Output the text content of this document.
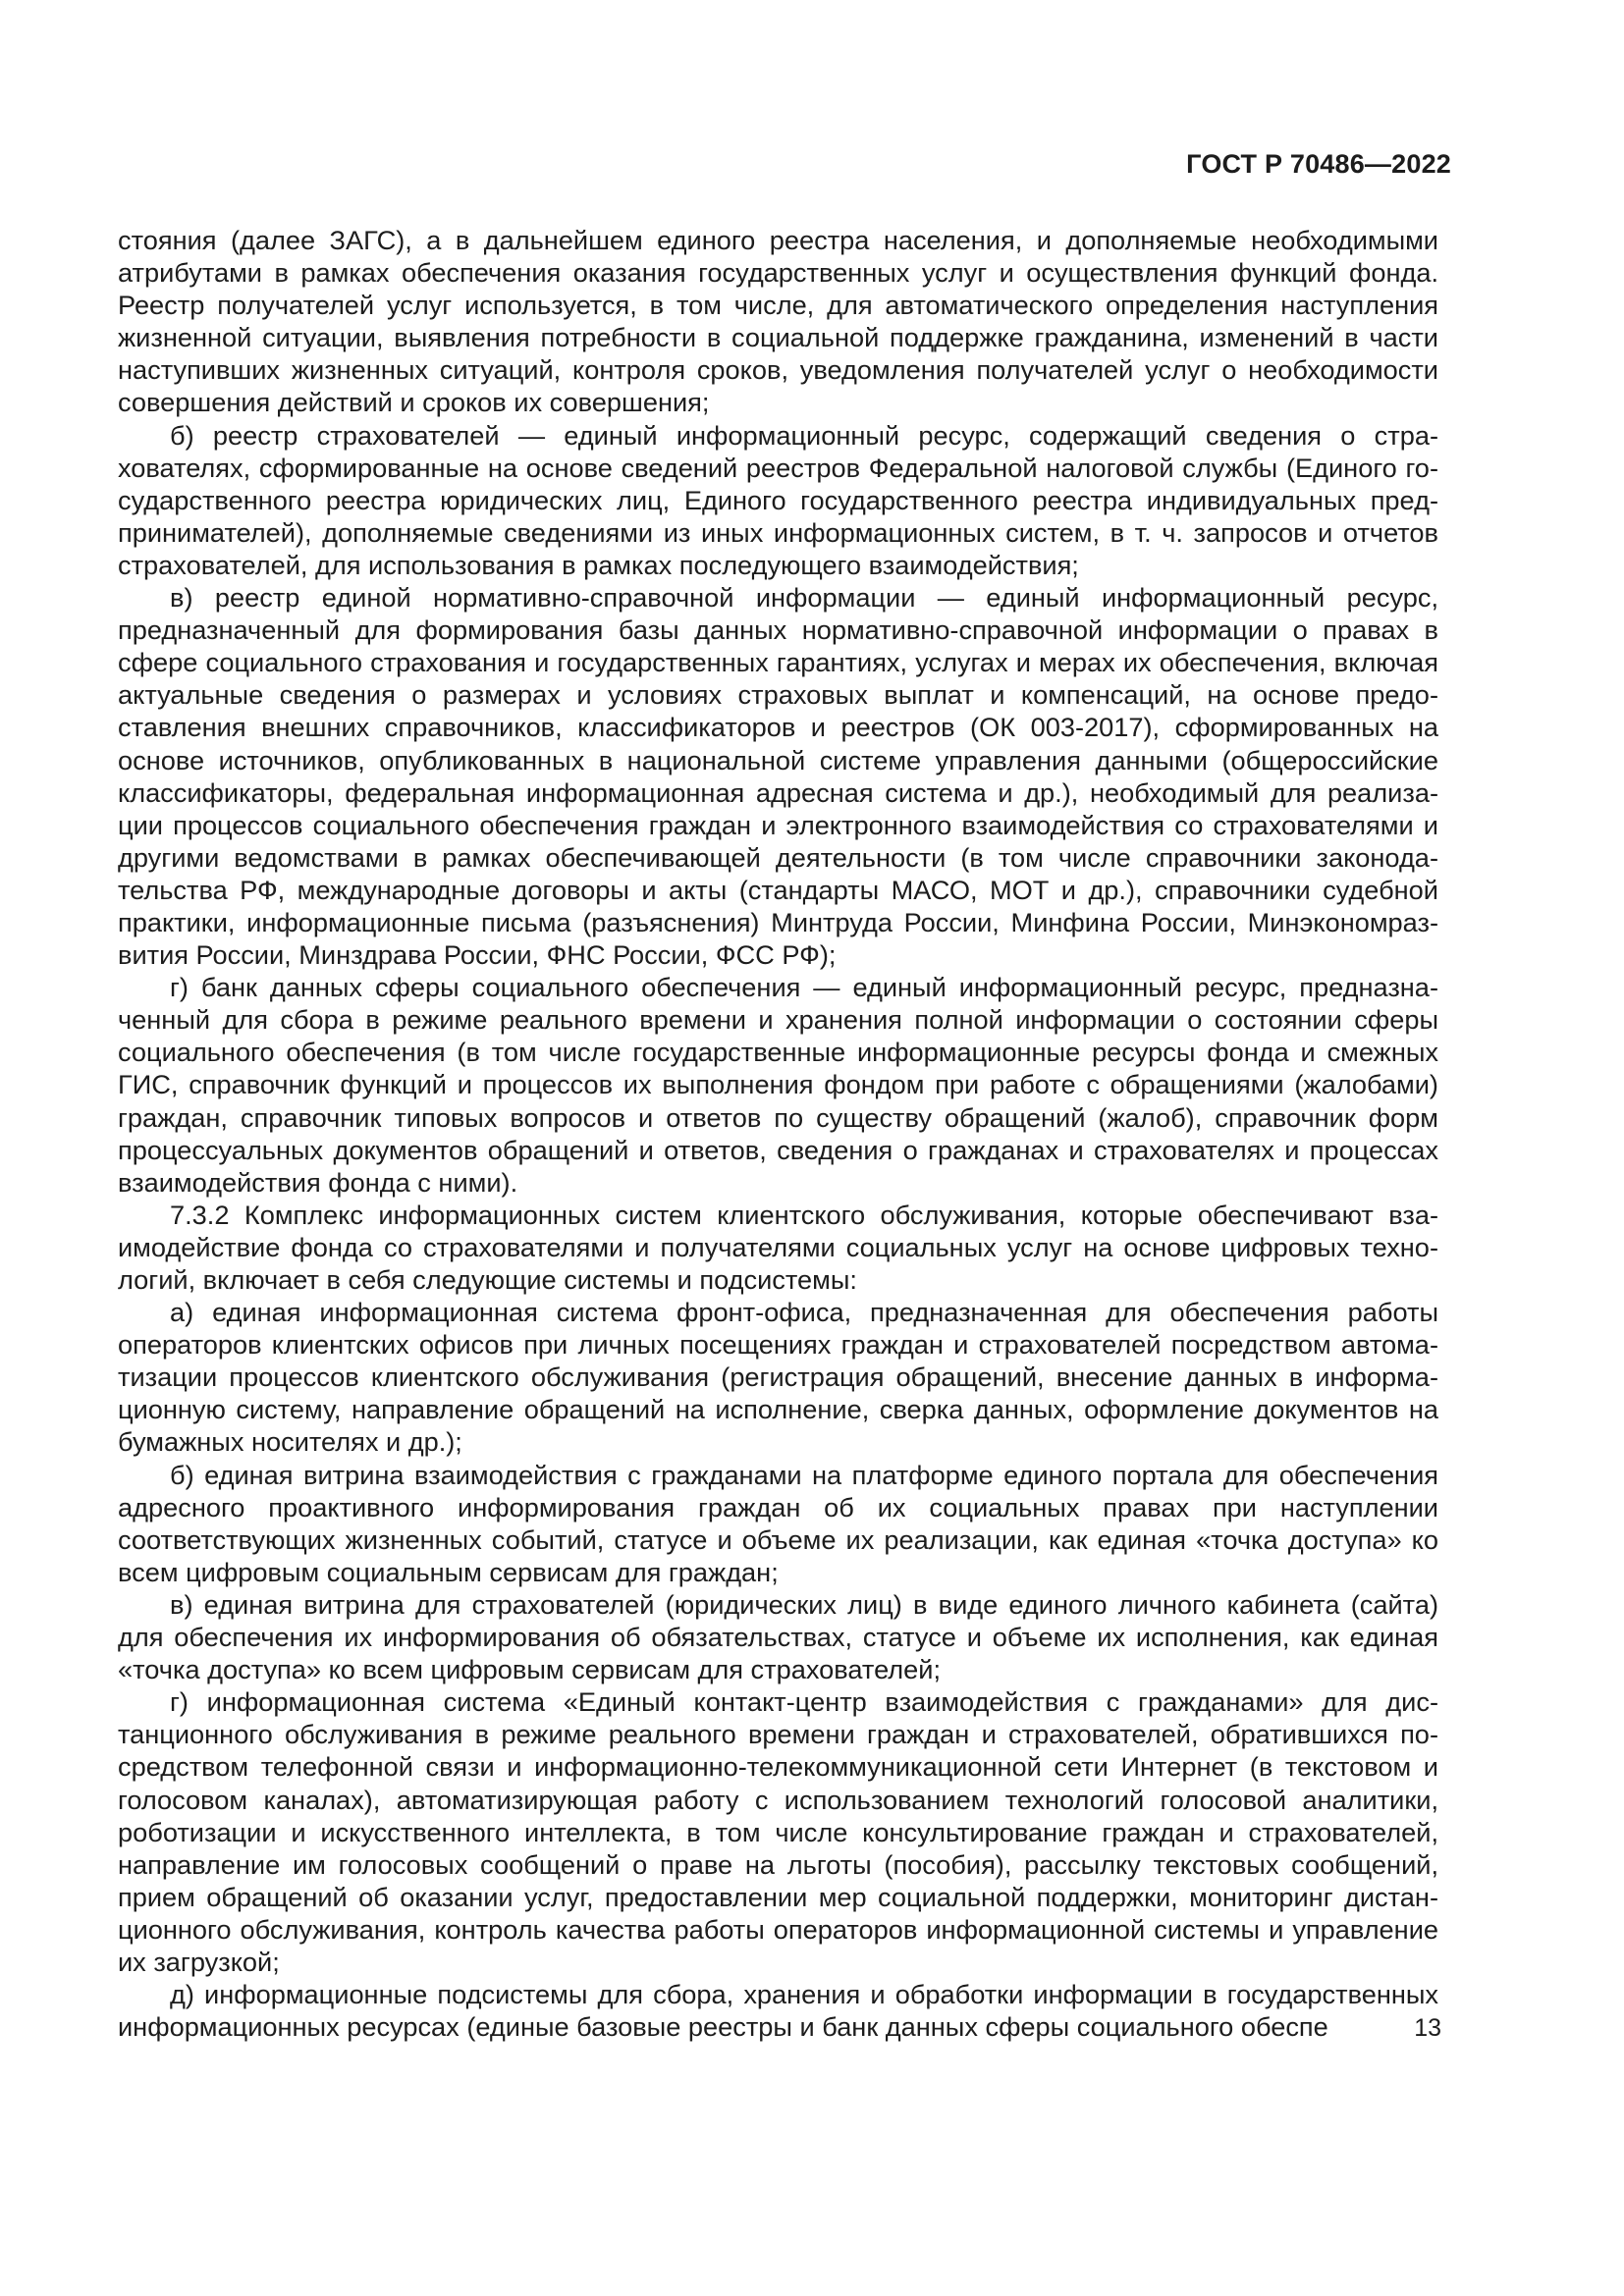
ГОСТ Р 70486—2022

стояния (далее ЗАГС), а в дальнейшем единого реестра населения, и дополняемые необходимыми атрибутами в рамках обеспечения оказания государственных услуг и осуществления функций фонда. Реестр получателей услуг используется, в том числе, для автоматического определения наступления жизненной ситуации, выявления потребности в социальной поддержке гражданина, изменений в части наступивших жизненных ситуаций, контроля сроков, уведомления получателей услуг о необходимости совершения действий и сроков их совершения;

б) реестр страхователей — единый информационный ресурс, содержащий сведения о страхователях, сформированные на основе сведений реестров Федеральной налоговой службы (Единого государственного реестра юридических лиц, Единого государственного реестра индивидуальных предпринимателей), дополняемые сведениями из иных информационных систем, в т. ч. запросов и отчетов страхователей, для использования в рамках последующего взаимодействия;

в) реестр единой нормативно-справочной информации — единый информационный ресурс, предназначенный для формирования базы данных нормативно-справочной информации о правах в сфере социального страхования и государственных гарантиях, услугах и мерах их обеспечения, включая актуальные сведения о размерах и условиях страховых выплат и компенсаций, на основе предоставления внешних справочников, классификаторов и реестров (ОК 003-2017), сформированных на основе источников, опубликованных в национальной системе управления данными (общероссийские классификаторы, федеральная информационная адресная система и др.), необходимый для реализации процессов социального обеспечения граждан и электронного взаимодействия со страхователями и другими ведомствами в рамках обеспечивающей деятельности (в том числе справочники законодательства РФ, международные договоры и акты (стандарты МАСО, МОТ и др.), справочники судебной практики, информационные письма (разъяснения) Минтруда России, Минфина России, Минэкономразвития России, Минздрава России, ФНС России, ФСС РФ);

г) банк данных сферы социального обеспечения — единый информационный ресурс, предназначенный для сбора в режиме реального времени и хранения полной информации о состоянии сферы социального обеспечения (в том числе государственные информационные ресурсы фонда и смежных ГИС, справочник функций и процессов их выполнения фондом при работе с обращениями (жалобами) граждан, справочник типовых вопросов и ответов по существу обращений (жалоб), справочник форм процессуальных документов обращений и ответов, сведения о гражданах и страхователях и процессах взаимодействия фонда с ними).

7.3.2 Комплекс информационных систем клиентского обслуживания, которые обеспечивают взаимодействие фонда со страхователями и получателями социальных услуг на основе цифровых технологий, включает в себя следующие системы и подсистемы:

а) единая информационная система фронт-офиса, предназначенная для обеспечения работы операторов клиентских офисов при личных посещениях граждан и страхователей посредством автоматизации процессов клиентского обслуживания (регистрация обращений, внесение данных в информационную систему, направление обращений на исполнение, сверка данных, оформление документов на бумажных носителях и др.);

б) единая витрина взаимодействия с гражданами на платформе единого портала для обеспечения адресного проактивного информирования граждан об их социальных правах при наступлении соответствующих жизненных событий, статусе и объеме их реализации, как единая «точка доступа» ко всем цифровым социальным сервисам для граждан;

в) единая витрина для страхователей (юридических лиц) в виде единого личного кабинета (сайта) для обеспечения их информирования об обязательствах, статусе и объеме их исполнения, как единая «точка доступа» ко всем цифровым сервисам для страхователей;

г) информационная система «Единый контакт-центр взаимодействия с гражданами» для дистанционного обслуживания в режиме реального времени граждан и страхователей, обратившихся посредством телефонной связи и информационно-телекоммуникационной сети Интернет (в текстовом и голосовом каналах), автоматизирующая работу с использованием технологий голосовой аналитики, роботизации и искусственного интеллекта, в том числе консультирование граждан и страхователей, направление им голосовых сообщений о праве на льготы (пособия), рассылку текстовых сообщений, прием обращений об оказании услуг, предоставлении мер социальной поддержки, мониторинг дистанционного обслуживания, контроль качества работы операторов информационной системы и управление их загрузкой;

д) информационные подсистемы для сбора, хранения и обработки информации в государственных информационных ресурсах (единые базовые реестры и банк данных сферы социального обеспе	13
